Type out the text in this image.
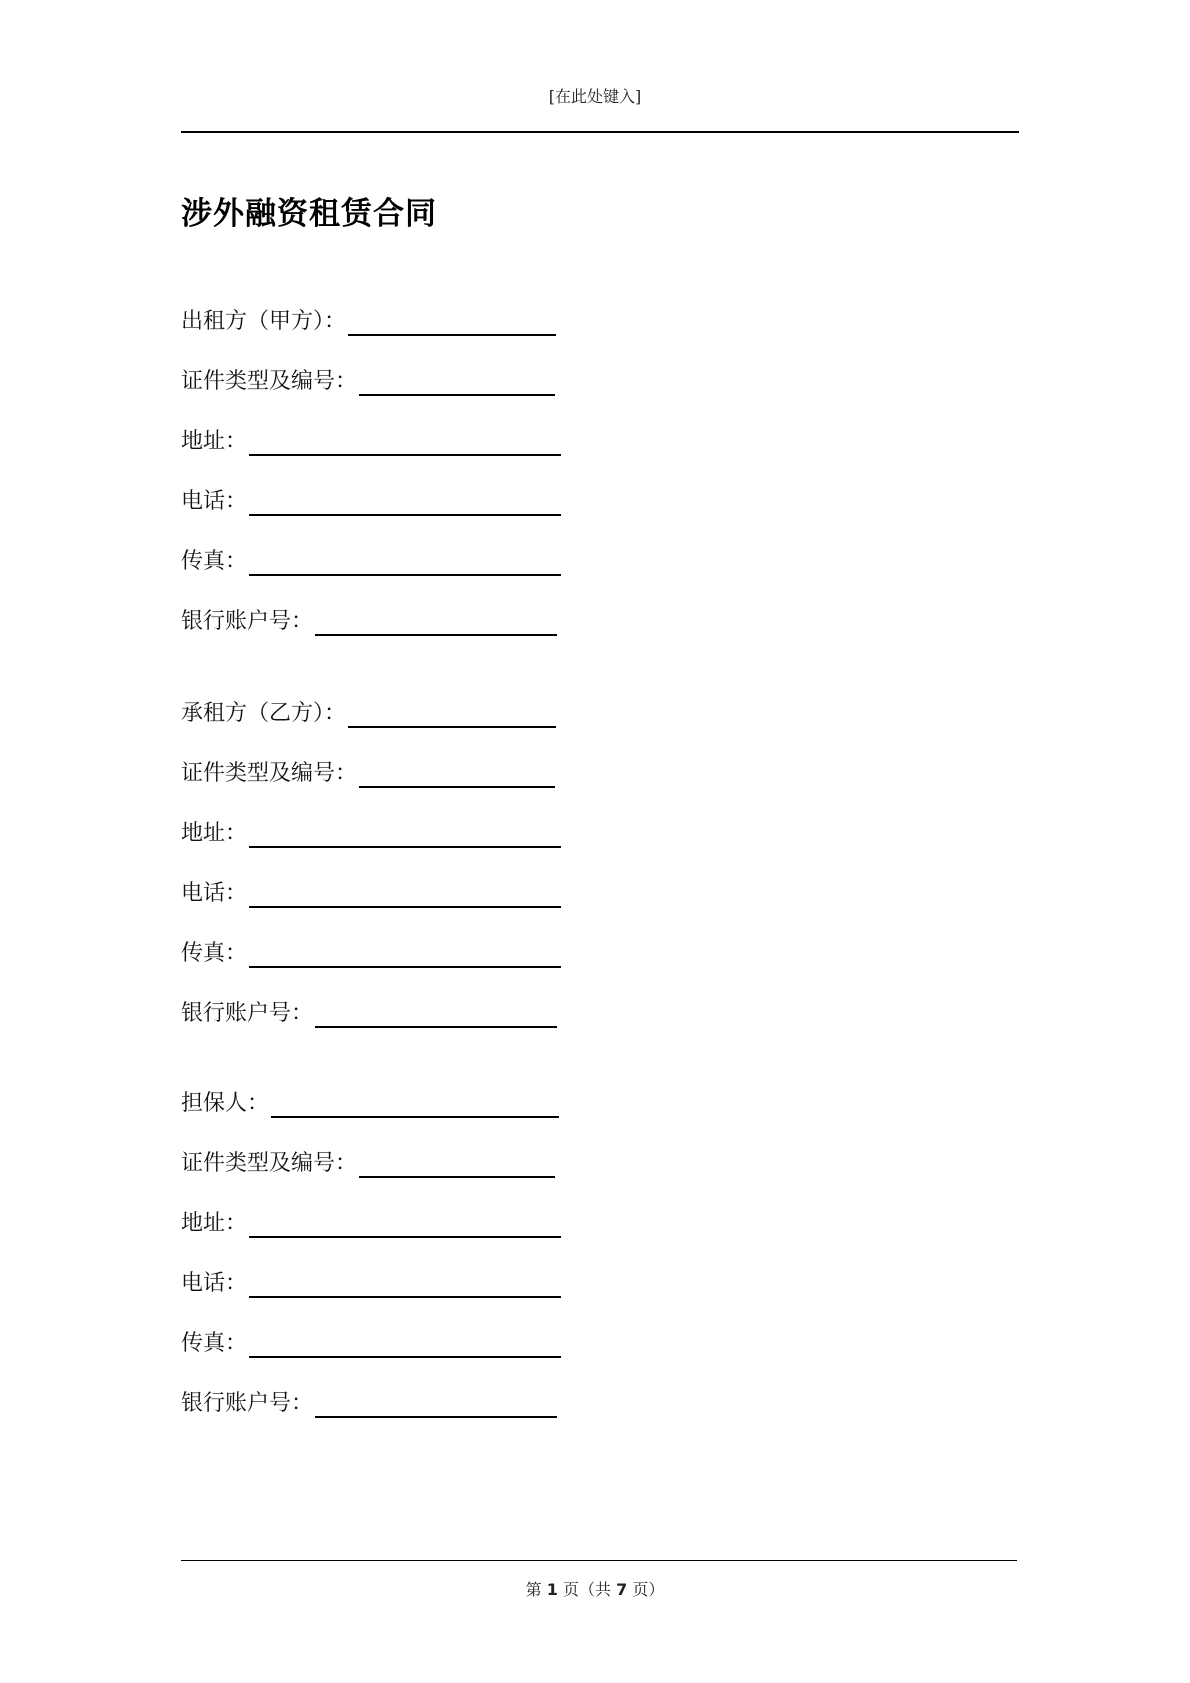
[在此处键入]
涉外融资租赁合同
出租方（甲方）：
证件类型及编号：
地址：
电话：
传真：
银行账户号：
承租方（乙方）：
证件类型及编号：
地址：
电话：
传真：
银行账户号：
担保人：
证件类型及编号：
地址：
电话：
传真：
银行账户号：
第 1 页（共 7 页）
